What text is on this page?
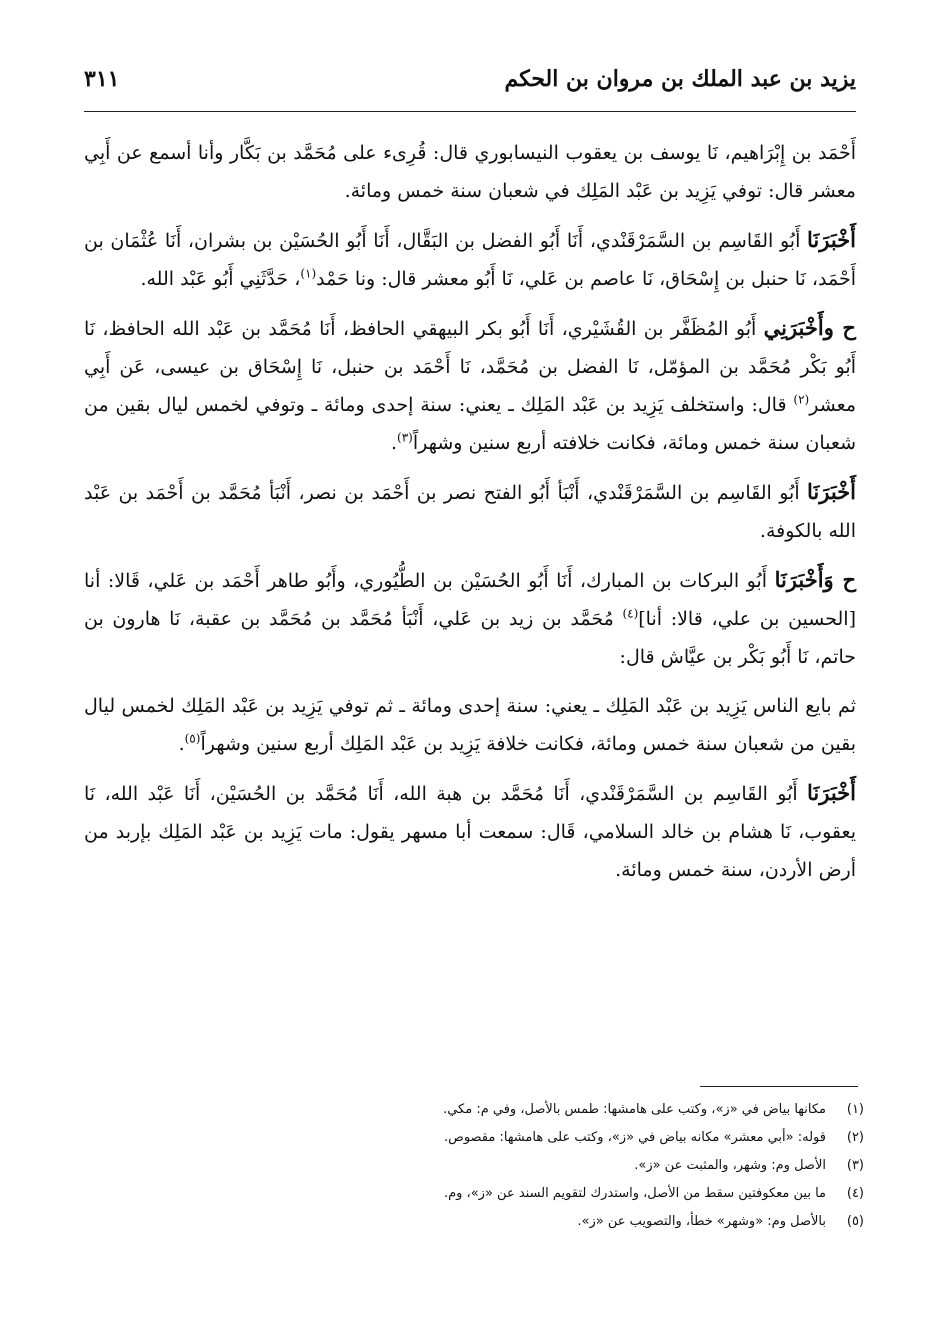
يزيد بن عبد الملك بن مروان بن الحكم
٣١١

أَحْمَد بن إِبْرَاهيم، نَا يوسف بن يعقوب النيسابوري قال: قُرِىء على مُحَمَّد بن بَكَّار وأنا أسمع عن أَبِي معشر قال: توفي يَزِيد بن عَبْد المَلِك في شعبان سنة خمس ومائة.

أَخْبَرَنَا أَبُو القَاسِم بن السَّمَرْقَنْدي، أَنَا أَبُو الفضل بن البَقَّال، أَنَا أَبُو الحُسَيْن بن بشران، أَنَا عُثْمَان بن أَحْمَد، نَا حنبل بن إِسْحَاق، نَا عاصم بن عَلي، نَا أَبُو معشر قال: ونا حَمْد$^{(١)}$، حَدَّثَنِي أَبُو عَبْد الله.

ح وأَخْبَرَنِي أَبُو المُظَفَّر بن القُشَيْري، أَنَا أَبُو بكر البيهقي الحافظ، أَنَا مُحَمَّد بن عَبْد الله الحافظ، نَا أَبُو بَكْر مُحَمَّد بن المؤمّل، نَا الفضل بن مُحَمَّد، نَا أَحْمَد بن حنبل، نَا إِسْحَاق بن عيسى، عَن أَبِي معشر$^{(٢)}$ قال: واستخلف يَزِيد بن عَبْد المَلِك ـ يعني: سنة إحدى ومائة ـ وتوفي لخمس ليال بقين من شعبان سنة خمس ومائة، فكانت خلافته أربع سنين وشهراً$^{(٣)}$.

أَخْبَرَنَا أَبُو القَاسِم بن السَّمَرْقَنْدي، أَنْبَأ أَبُو الفتح نصر بن أَحْمَد بن نصر، أَنْبَأ مُحَمَّد بن أَحْمَد بن عَبْد الله بالكوفة.

ح وَأَخْبَرَنَا أَبُو البركات بن المبارك، أَنَا أَبُو الحُسَيْن بن الطُّيُوري، وأَبُو طاهر أَحْمَد بن عَلي، قَالا: أنا [الحسين بن علي، قالا: أنا]$^{(٤)}$ مُحَمَّد بن زيد بن عَلي، أَنْبَأ مُحَمَّد بن مُحَمَّد بن عقبة، نَا هارون بن حاتم، نَا أَبُو بَكْر بن عيَّاش قال:

ثم بايع الناس يَزِيد بن عَبْد المَلِك ـ يعني: سنة إحدى ومائة ـ ثم توفي يَزِيد بن عَبْد المَلِك لخمس ليال بقين من شعبان سنة خمس ومائة، فكانت خلافة يَزِيد بن عَبْد المَلِك أربع سنين وشهراً$^{(٥)}$.

أَخْبَرَنَا أَبُو القَاسِم بن السَّمَرْقَنْدي، أَنَا مُحَمَّد بن هبة الله، أَنَا مُحَمَّد بن الحُسَيْن، أَنَا عَبْد الله، نَا يعقوب، نَا هشام بن خالد السلامي، قَال: سمعت أبا مسهر يقول: مات يَزِيد بن عَبْد المَلِك بإربد من أرض الأردن، سنة خمس ومائة.

(١)
مكانها بياض في «ز»، وكتب على هامشها: طمس بالأصل، وفي م: مكي.
(٢)
قوله: «أبي معشر» مكانه بياض في «ز»، وكتب على هامشها: مقصوص.
(٣)
الأصل وم: وشهر، والمثبت عن «ز».
(٤)
ما بين معكوفتين سقط من الأصل، واستدرك لتقويم السند عن «ز»، وم.
(٥)
بالأصل وم: «وشهر» خطأ، والتصويب عن «ز».
